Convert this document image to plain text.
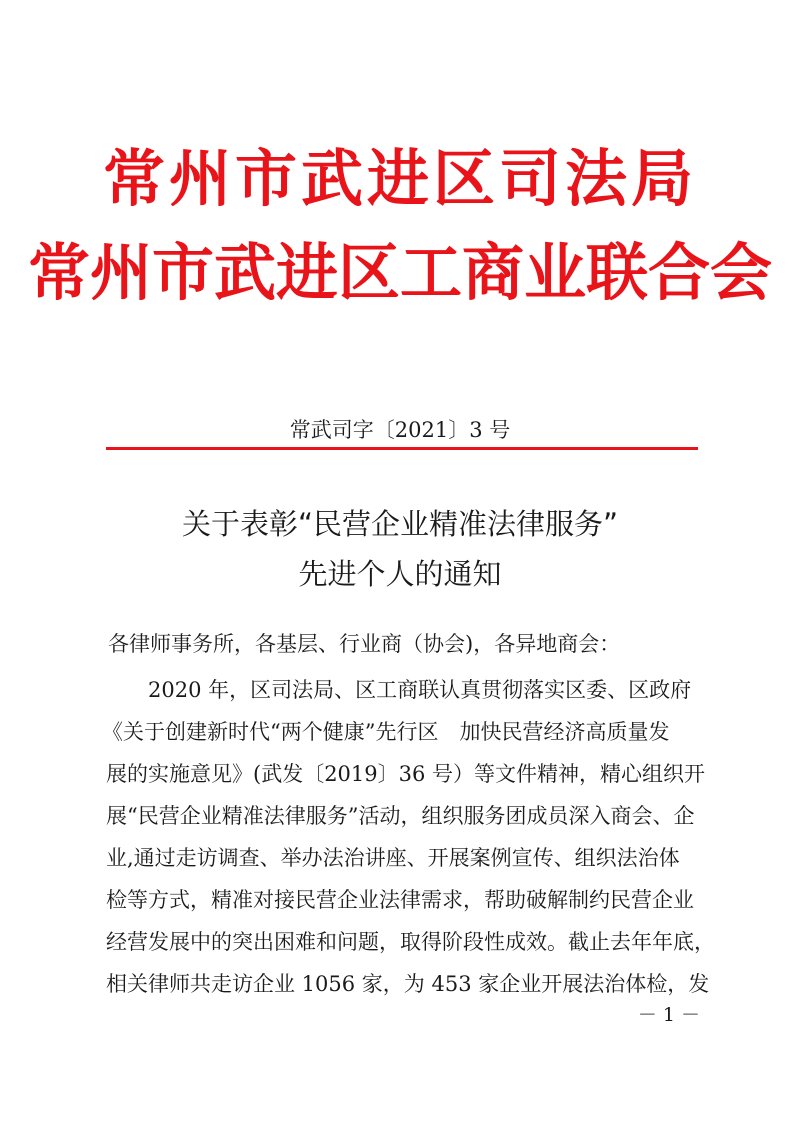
常州市武进区司法局
常州市武进区工商业联合会
常武司字〔2021〕3 号
关于表彰“民营企业精准法律服务”
先进个人的通知
各律师事务所，各基层、行业商（协会)，各异地商会：
2020 年，区司法局、区工商联认真贯彻落实区委、区政府
《关于创建新时代“两个健康”先行区　加快民营经济高质量发
展的实施意见》(武发〔2019〕36 号）等文件精神，精心组织开
展“民营企业精准法律服务”活动，组织服务团成员深入商会、企
业,通过走访调查、举办法治讲座、开展案例宣传、组织法治体
检等方式，精准对接民营企业法律需求，帮助破解制约民营企业
经营发展中的突出困难和问题，取得阶段性成效。截止去年年底，
相关律师共走访企业 1056 家，为 453 家企业开展法治体检，发
－ 1 －
